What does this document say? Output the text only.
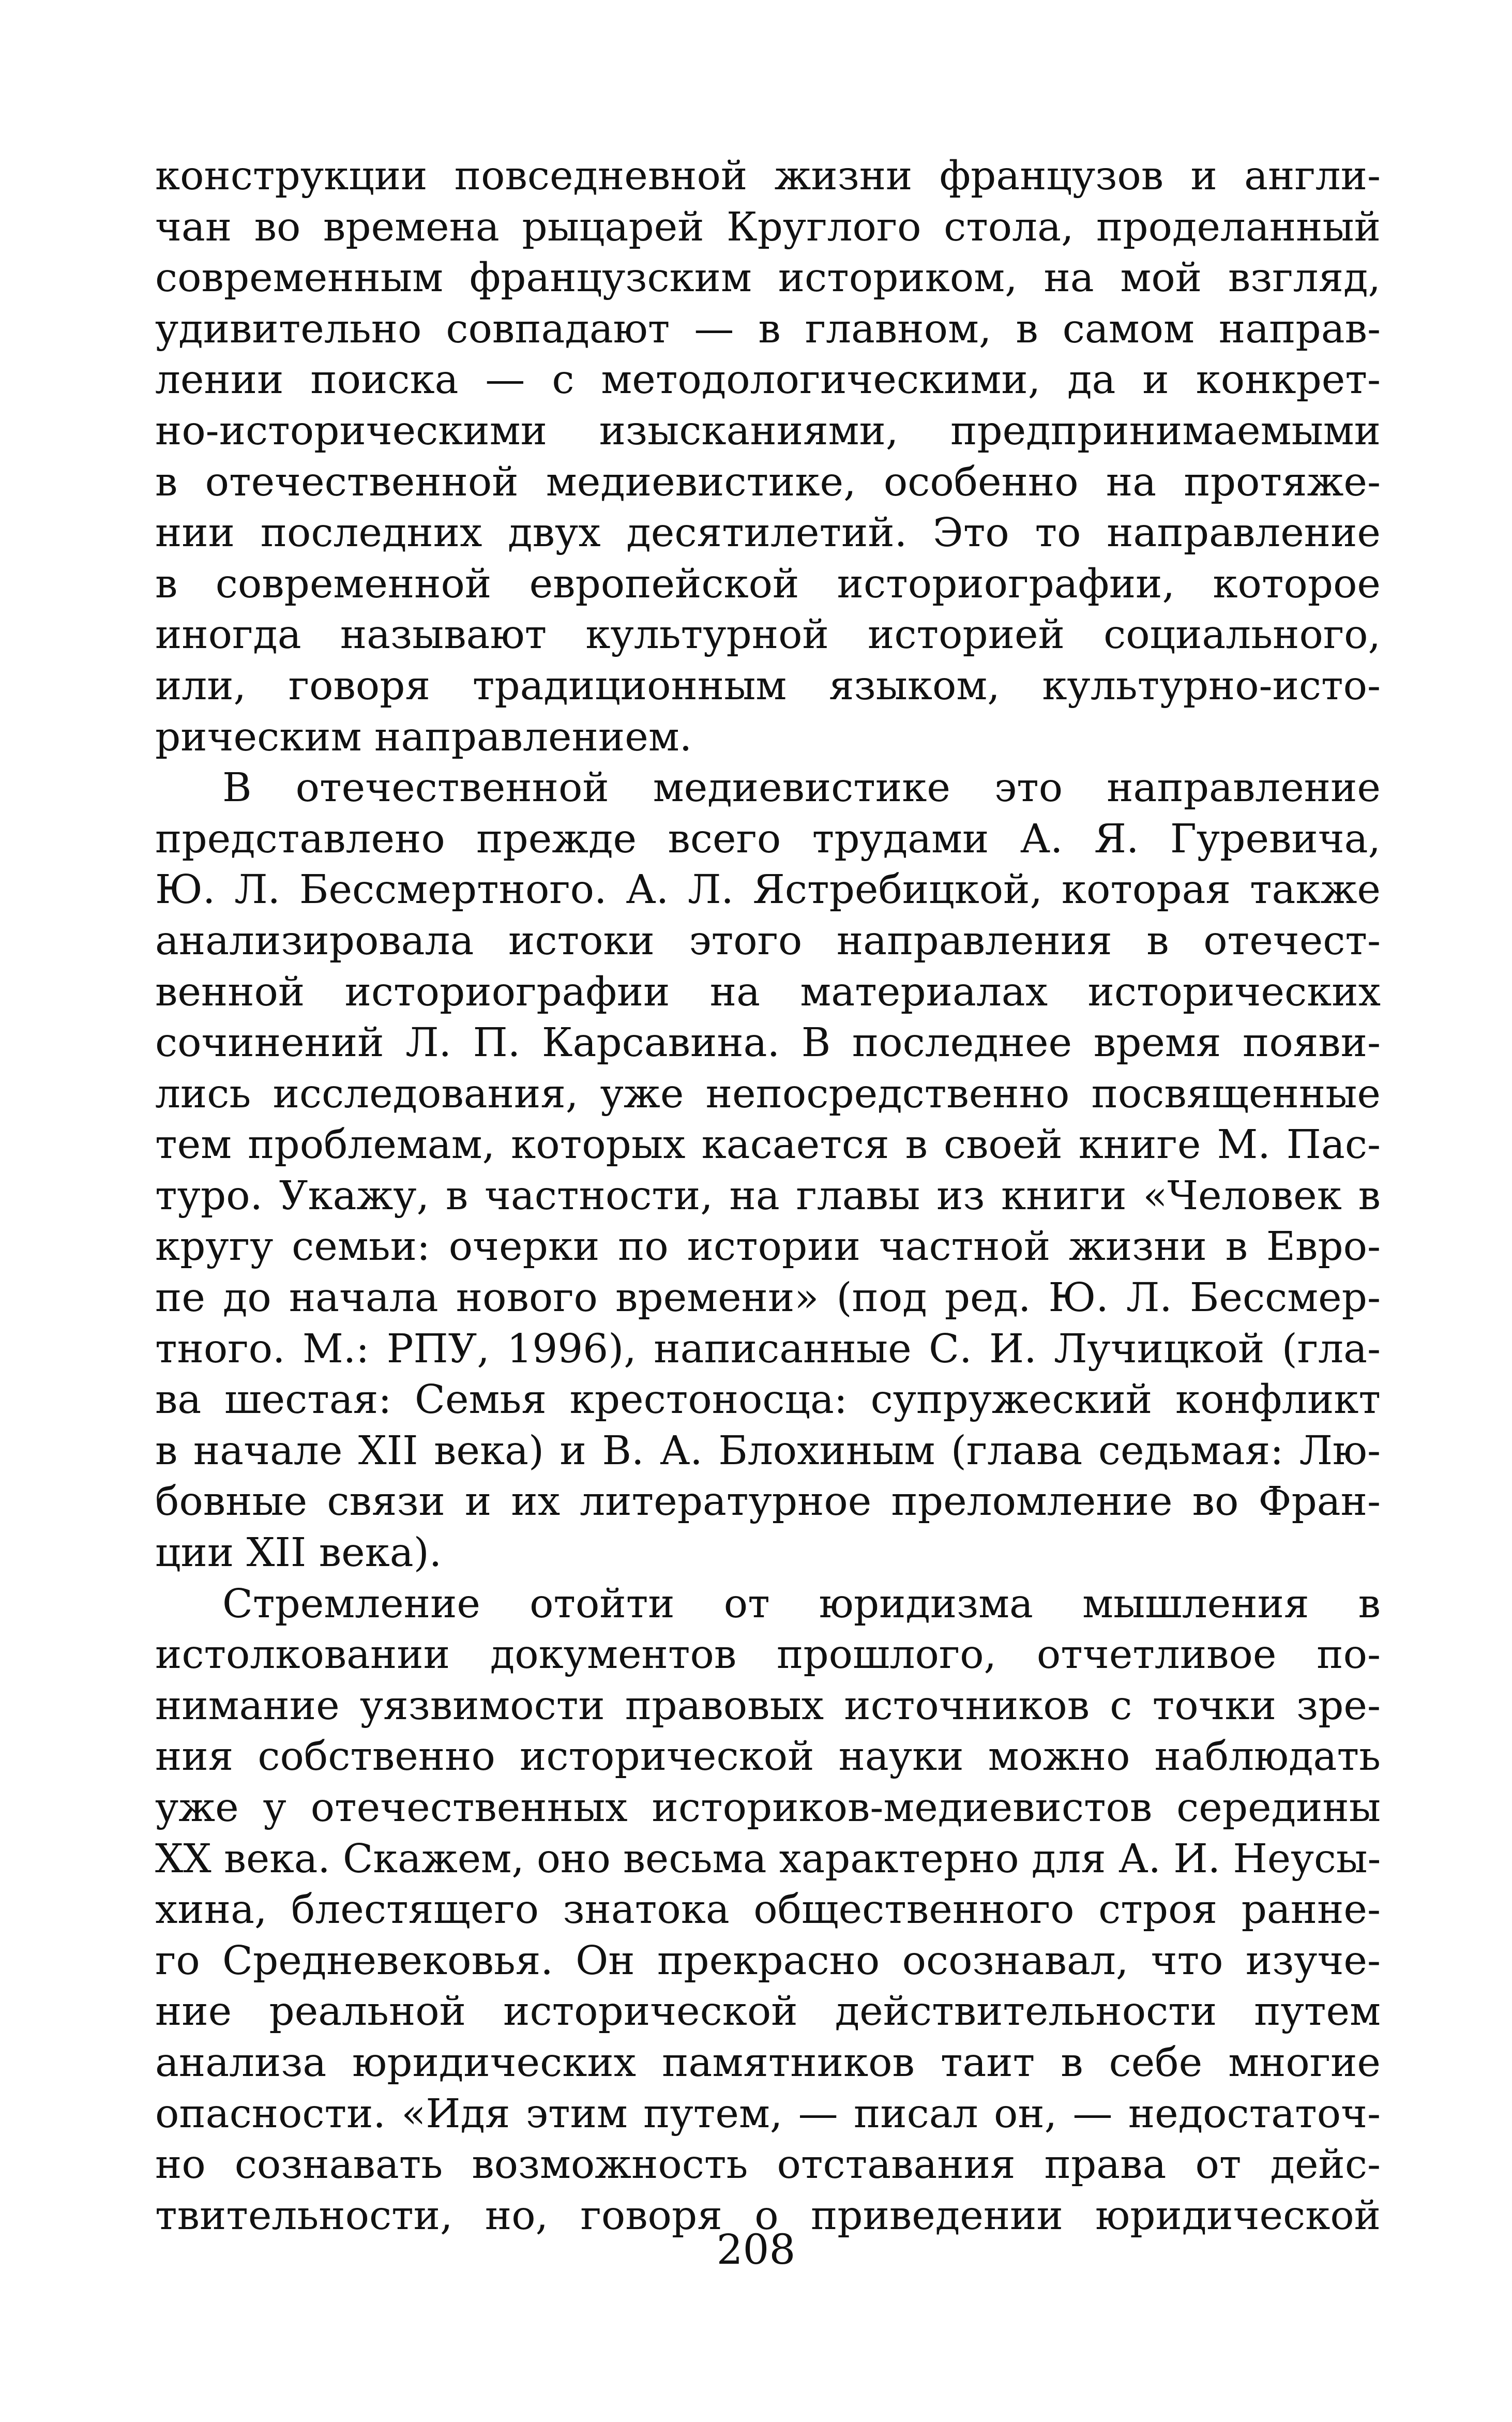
конструкции повседневной жизни французов и англи-
чан во времена рыцарей Круглого стола, проделанный
современным французским историком, на мой взгляд,
удивительно совпадают — в главном, в самом направ-
лении поиска — с методологическими, да и конкрет-
но-историческими изысканиями, предпринимаемыми
в отечественной медиевистике, особенно на протяже-
нии последних двух десятилетий. Это то направление
в современной европейской историографии, которое
иногда называют культурной историей социального,
или, говоря традиционным языком, культурно-исто-
рическим направлением.
В отечественной медиевистике это направление
представлено прежде всего трудами А. Я. Гуревича,
Ю. Л. Бессмертного. А. Л. Ястребицкой, которая также
анализировала истоки этого направления в отечест-
венной историографии на материалах исторических
сочинений Л. П. Карсавина. В последнее время появи-
лись исследования, уже непосредственно посвященные
тем проблемам, которых касается в своей книге М. Пас-
туро. Укажу, в частности, на главы из книги «Человек в
кругу семьи: очерки по истории частной жизни в Евро-
пе до начала нового времени» (под ред. Ю. Л. Бессмер-
тного. М.: РПУ, 1996), написанные С. И. Лучицкой (гла-
ва шестая: Семья крестоносца: супружеский конфликт
в начале XII века) и В. А. Блохиным (глава седьмая: Лю-
бовные связи и их литературное преломление во Фран-
ции XII века).
Стремление отойти от юридизма мышления в
истолковании документов прошлого, отчетливое по-
нимание уязвимости правовых источников с точки зре-
ния собственно исторической науки можно наблюдать
уже у отечественных историков-медиевистов середины
XX века. Скажем, оно весьма характерно для А. И. Неусы-
хина, блестящего знатока общественного строя ранне-
го Средневековья. Он прекрасно осознавал, что изуче-
ние реальной исторической действительности путем
анализа юридических памятников таит в себе многие
опасности. «Идя этим путем, — писал он, — недостаточ-
но сознавать возможность отставания права от дейс-
твительности, но, говоря о приведении юридической
208
